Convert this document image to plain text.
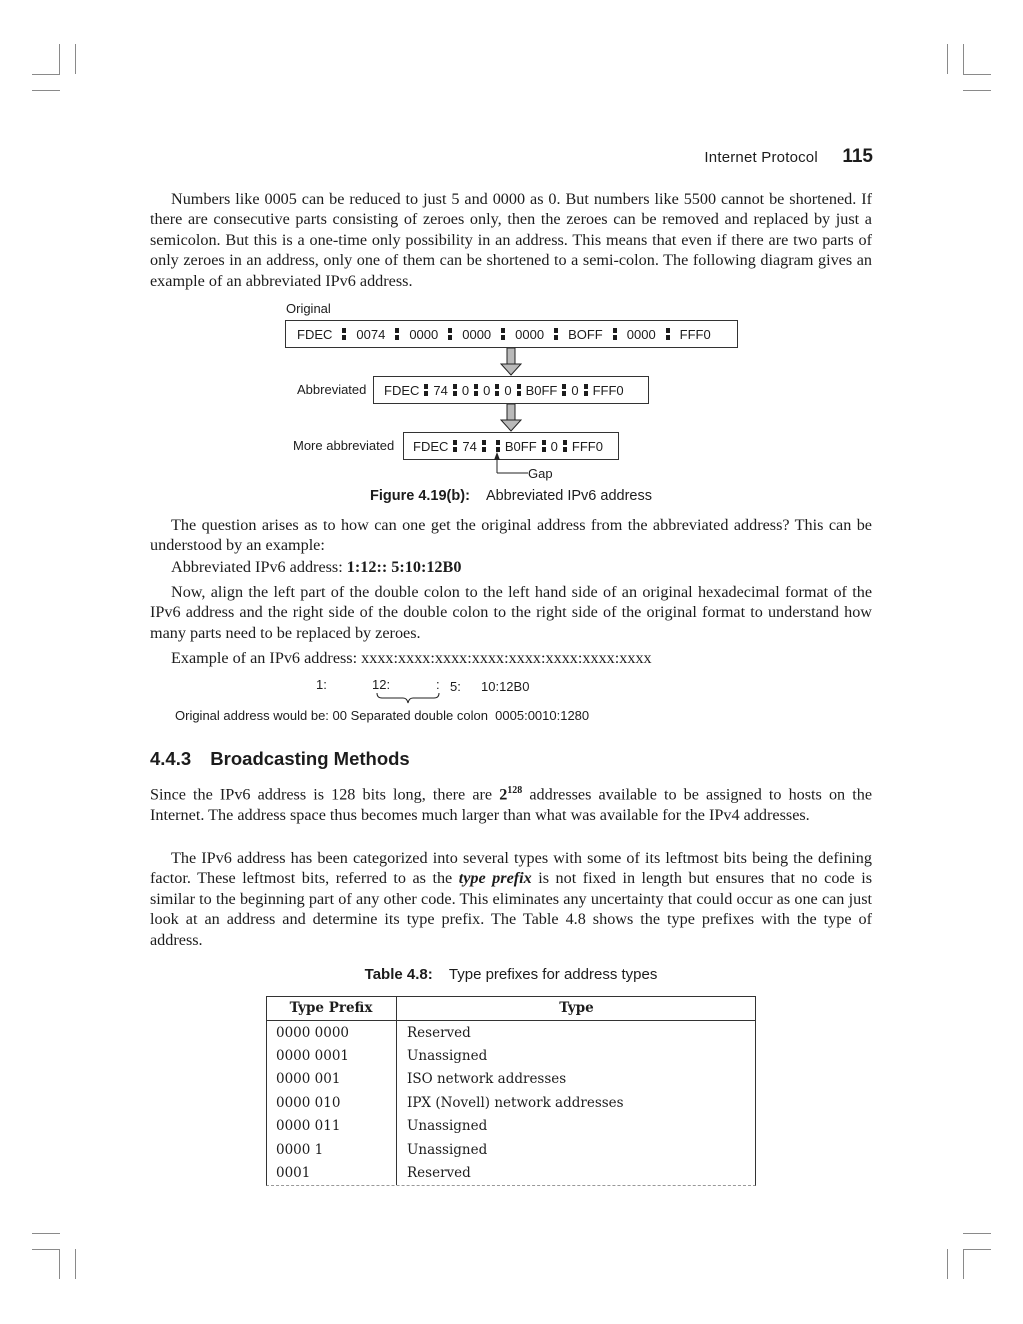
Internet Protocol 115
Numbers like 0005 can be reduced to just 5 and 0000 as 0. But numbers like 5500 cannot be shortened. If there are consecutive parts consisting of zeroes only, then the zeroes can be removed and replaced by just a semicolon. But this is a one-time only possibility in an address. This means that even if there are two parts of only zeroes in an address, only one of them can be shortened to a semi-colon. The following diagram gives an example of an abbreviated IPv6 address.
Original
FDEC 0074 0000 0000 0000 BOFF 0000 FFF0
Abbreviated FDEC 74 0 0 0 B0FF 0 FFF0
More abbreviated FDEC 74 B0FF 0 FFF0
Gap
Figure 4.19(b): Abbreviated IPv6 address
The question arises as to how can one get the original address from the abbreviated address? This can be understood by an example:
Abbreviated IPv6 address: 1:12:: 5:10:12B0
Now, align the left part of the double colon to the left hand side of an original hexadecimal format of the IPv6 address and the right side of the double colon to the right side of the original format to understand how many parts need to be replaced by zeroes.
Example of an IPv6 address: xxxx:xxxx:xxxx:xxxx:xxxx:xxxx:xxxx:xxxx
1:	12:	: 5: 10:12B0
Original address would be: 00 Separated double colon  0005:0010:1280
4.4.3 Broadcasting Methods
Since the IPv6 address is 128 bits long, there are $2^{128}$ addresses available to be assigned to hosts on the Internet. The address space thus becomes much larger than what was available for the IPv4 addresses.
The IPv6 address has been categorized into several types with some of its leftmost bits being the defining factor. These leftmost bits, referred to as the type prefix is not fixed in length but ensures that no code is similar to the beginning part of any other code. This eliminates any uncertainty that could occur as one can just look at an address and determine its type prefix. The Table 4.8 shows the type prefixes with the type of address.
Table 4.8: Type prefixes for address types
Type Prefix	Type
0000 0000	Reserved
0000 0001	Unassigned
0000 001	ISO network addresses
0000 010	IPX (Novell) network addresses
0000 011	Unassigned
0000 1	Unassigned
0001	Reserved
